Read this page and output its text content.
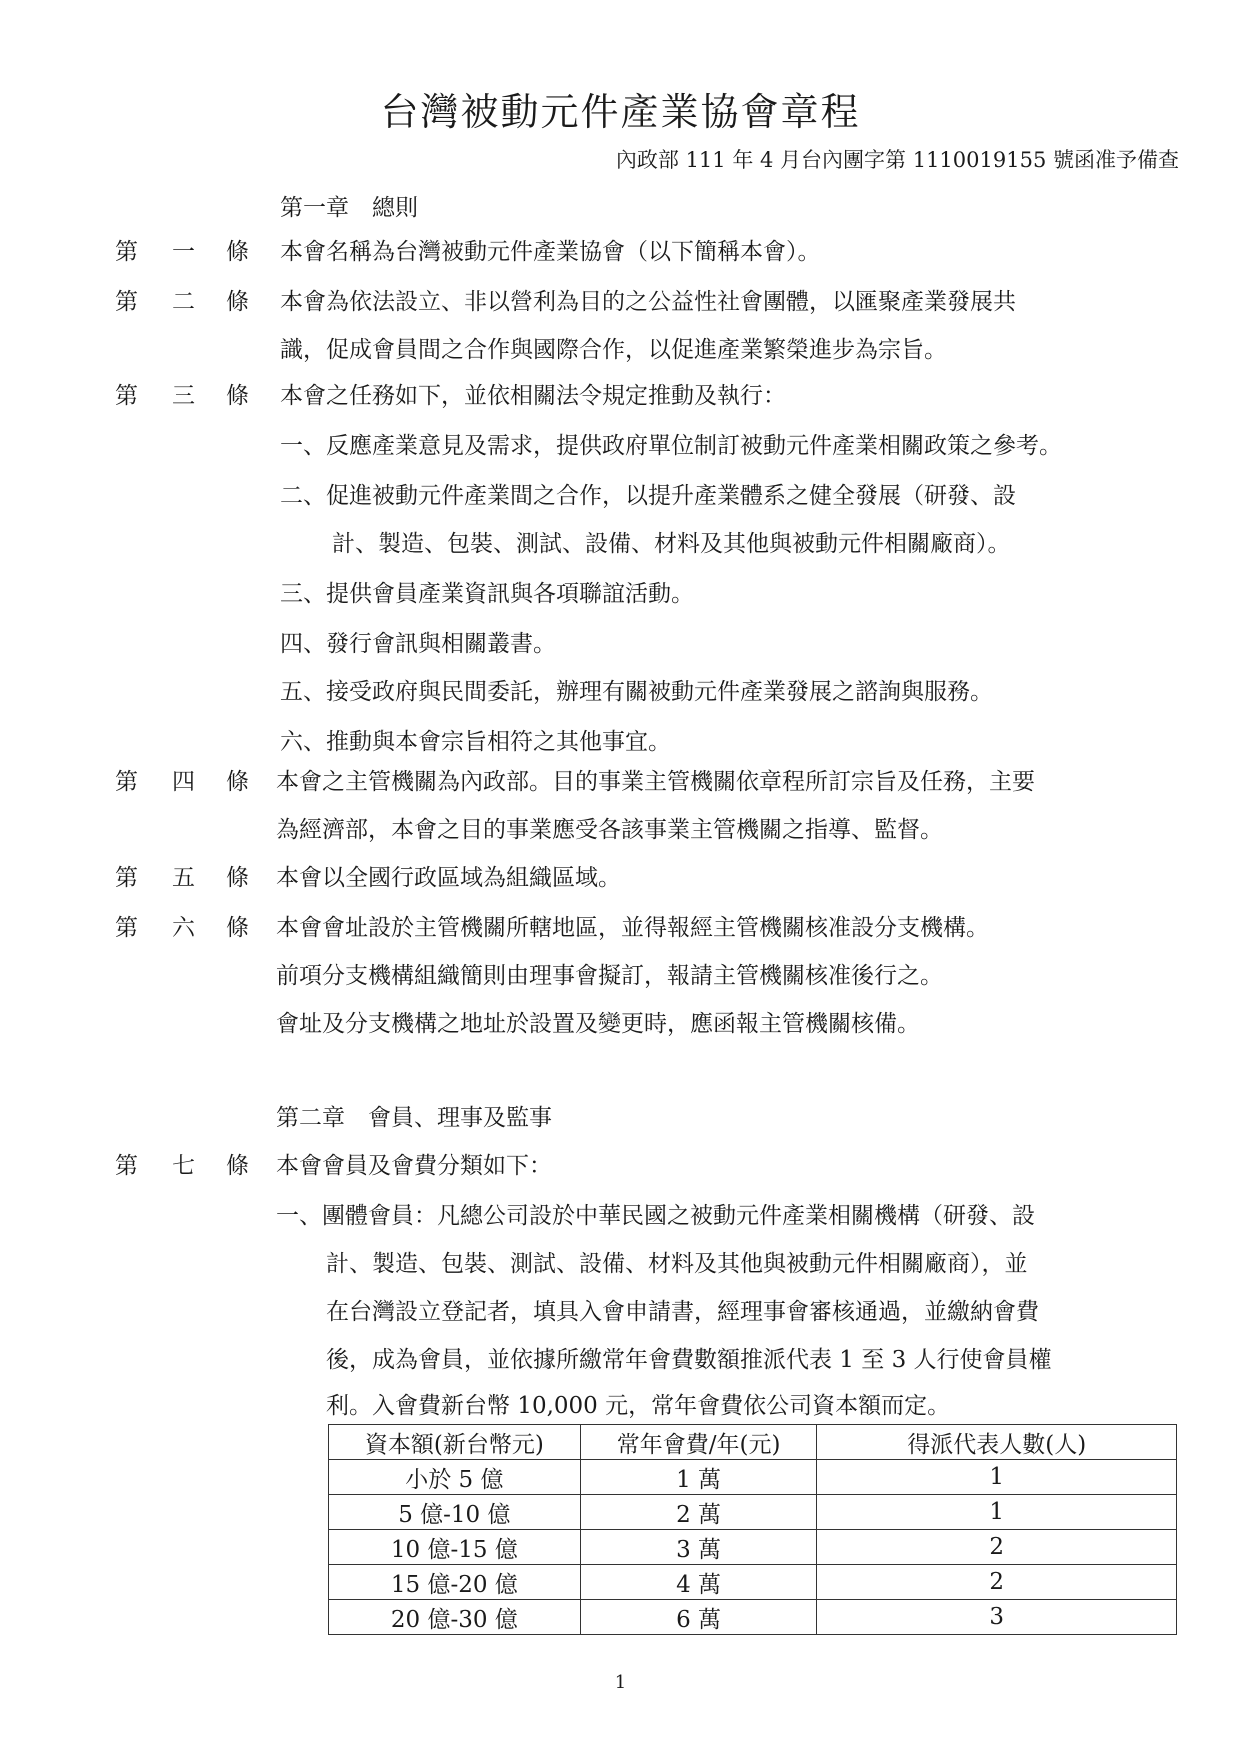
台灣被動元件產業協會章程
內政部 111 年 4 月台內團字第 1110019155 號函准予備查
第一章　總則
第 一 條 本會名稱為台灣被動元件產業協會（以下簡稱本會）。
第 二 條 本會為依法設立、非以營利為目的之公益性社會團體，以匯聚產業發展共
識，促成會員間之合作與國際合作，以促進產業繁榮進步為宗旨。
第 三 條 本會之任務如下，並依相關法令規定推動及執行：
一、反應產業意見及需求，提供政府單位制訂被動元件產業相關政策之參考。
二、促進被動元件產業間之合作，以提升產業體系之健全發展（研發、設
計、製造、包裝、測試、設備、材料及其他與被動元件相關廠商）。
三、提供會員產業資訊與各項聯誼活動。
四、發行會訊與相關叢書。
五、接受政府與民間委託，辦理有關被動元件產業發展之諮詢與服務。
六、推動與本會宗旨相符之其他事宜。
第 四 條 本會之主管機關為內政部。目的事業主管機關依章程所訂宗旨及任務，主要
為經濟部，本會之目的事業應受各該事業主管機關之指導、監督。
第 五 條 本會以全國行政區域為組織區域。
第 六 條 本會會址設於主管機關所轄地區，並得報經主管機關核准設分支機構。
前項分支機構組織簡則由理事會擬訂，報請主管機關核准後行之。
會址及分支機構之地址於設置及變更時，應函報主管機關核備。
第二章　會員、理事及監事
第 七 條 本會會員及會費分類如下：
一、團體會員：凡總公司設於中華民國之被動元件產業相關機構（研發、設
計、製造、包裝、測試、設備、材料及其他與被動元件相關廠商），並
在台灣設立登記者，填具入會申請書，經理事會審核通過，並繳納會費
後，成為會員，並依據所繳常年會費數額推派代表 1 至 3 人行使會員權
利。入會費新台幣 10,000 元，常年會費依公司資本額而定。
資本額(新台幣元)	常年會費/年(元)	得派代表人數(人)
小於 5 億	1 萬	1
5 億-10 億	2 萬	1
10 億-15 億	3 萬	2
15 億-20 億	4 萬	2
20 億-30 億	6 萬	3
1
